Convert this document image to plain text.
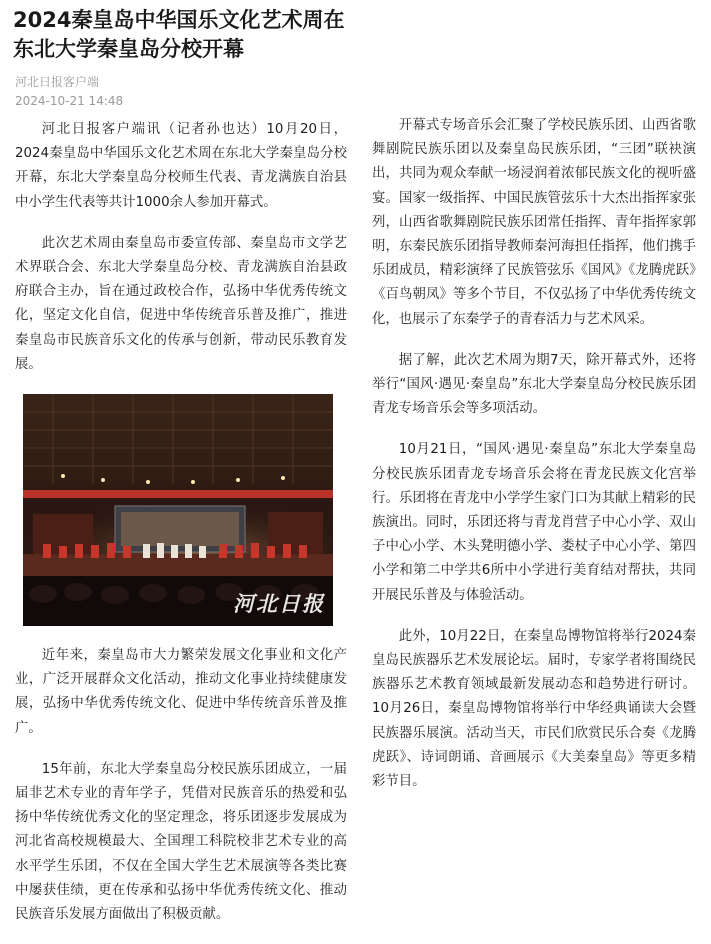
2024秦皇岛中华国乐文化艺术周在东北大学秦皇岛分校开幕
河北日报客户端
2024-10-21 14:48

河北日报客户端讯（记者孙也达）10月20日，2024秦皇岛中华国乐文化艺术周在东北大学秦皇岛分校开幕，东北大学秦皇岛分校师生代表、青龙满族自治县中小学生代表等共计1000余人参加开幕式。

此次艺术周由秦皇岛市委宣传部、秦皇岛市文学艺术界联合会、东北大学秦皇岛分校、青龙满族自治县政府联合主办，旨在通过政校合作，弘扬中华优秀传统文化，坚定文化自信，促进中华传统音乐普及推广，推进秦皇岛市民族音乐文化的传承与创新，带动民乐教育发展。

河北日报

近年来，秦皇岛市大力繁荣发展文化事业和文化产业，广泛开展群众文化活动，推动文化事业持续健康发展，弘扬中华优秀传统文化、促进中华传统音乐普及推广。

15年前，东北大学秦皇岛分校民族乐团成立，一届届非艺术专业的青年学子，凭借对民族音乐的热爱和弘扬中华传统优秀文化的坚定理念，将乐团逐步发展成为河北省高校规模最大、全国理工科院校非艺术专业的高水平学生乐团，不仅在全国大学生艺术展演等各类比赛中屡获佳绩，更在传承和弘扬中华优秀传统文化、推动民族音乐发展方面做出了积极贡献。

开幕式专场音乐会汇聚了学校民族乐团、山西省歌舞剧院民族乐团以及秦皇岛民族乐团，“三团”联袂演出，共同为观众奉献一场浸润着浓郁民族文化的视听盛宴。国家一级指挥、中国民族管弦乐十大杰出指挥家张列，山西省歌舞剧院民族乐团常任指挥、青年指挥家郭明，东秦民族乐团指导教师秦河海担任指挥，他们携手乐团成员，精彩演绎了民族管弦乐《国风》《龙腾虎跃》《百鸟朝凤》等多个节目，不仅弘扬了中华优秀传统文化，也展示了东秦学子的青春活力与艺术风采。

据了解，此次艺术周为期7天，除开幕式外，还将举行“国风·遇见·秦皇岛”东北大学秦皇岛分校民族乐团青龙专场音乐会等多项活动。

10月21日，“国风·遇见·秦皇岛”东北大学秦皇岛分校民族乐团青龙专场音乐会将在青龙民族文化宫举行。乐团将在青龙中小学学生家门口为其献上精彩的民族演出。同时，乐团还将与青龙肖营子中心小学、双山子中心小学、木头凳明德小学、娄杖子中心小学、第四小学和第二中学共6所中小学进行美育结对帮扶，共同开展民乐普及与体验活动。

此外，10月22日，在秦皇岛博物馆将举行2024秦皇岛民族器乐艺术发展论坛。届时，专家学者将围绕民族器乐艺术教育领域最新发展动态和趋势进行研讨。10月26日，秦皇岛博物馆将举行中华经典诵读大会暨民族器乐展演。活动当天，市民们欣赏民乐合奏《龙腾虎跃》、诗词朗诵、音画展示《大美秦皇岛》等更多精彩节目。
